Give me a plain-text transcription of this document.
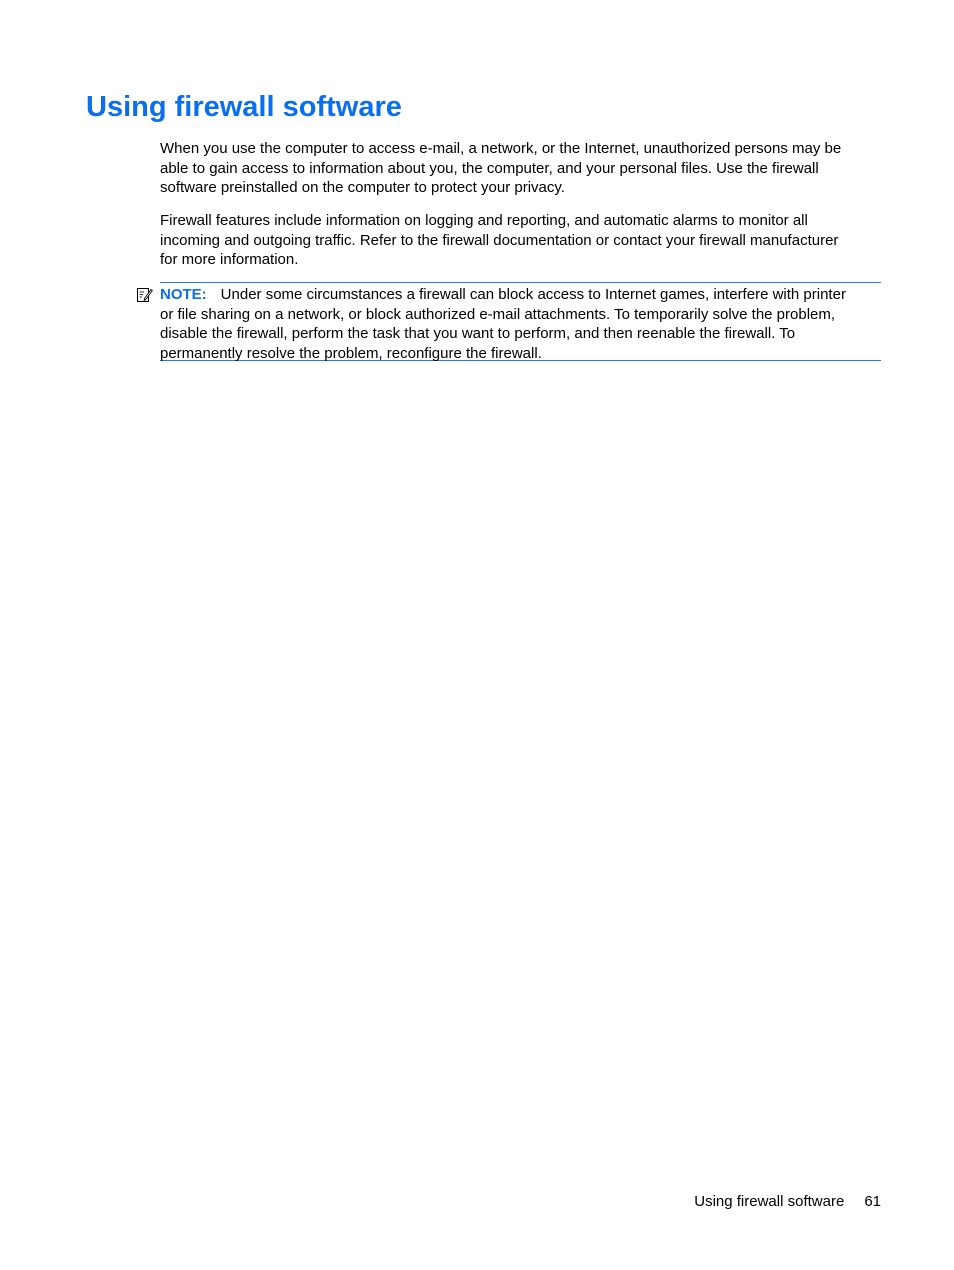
Using firewall software

When you use the computer to access e-mail, a network, or the Internet, unauthorized persons may be
able to gain access to information about you, the computer, and your personal files. Use the firewall
software preinstalled on the computer to protect your privacy.

Firewall features include information on logging and reporting, and automatic alarms to monitor all
incoming and outgoing traffic. Refer to the firewall documentation or contact your firewall manufacturer
for more information.

NOTE: Under some circumstances a firewall can block access to Internet games, interfere with printer
or file sharing on a network, or block authorized e-mail attachments. To temporarily solve the problem,
disable the firewall, perform the task that you want to perform, and then reenable the firewall. To
permanently resolve the problem, reconfigure the firewall.
Using firewall software 61
